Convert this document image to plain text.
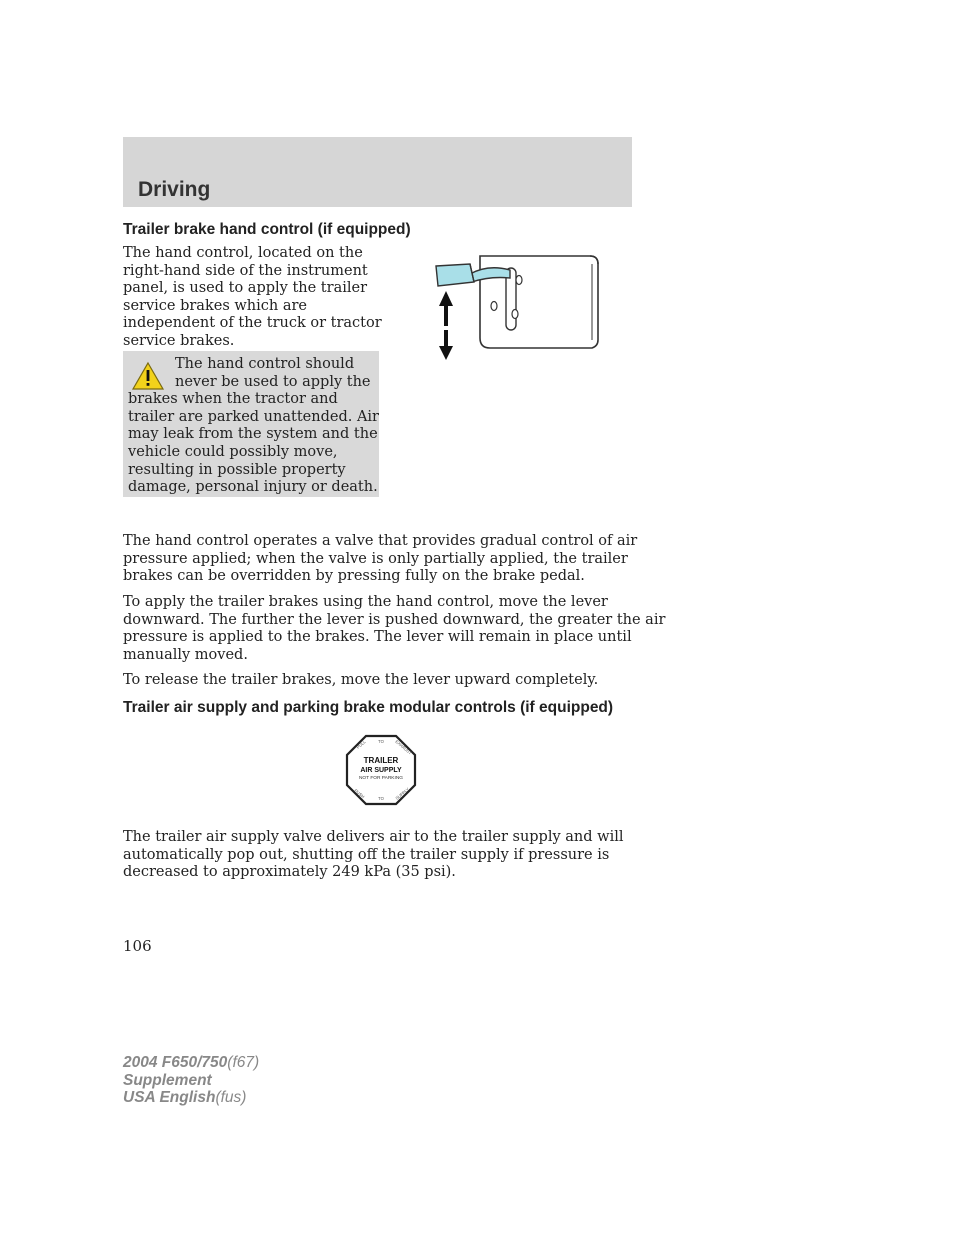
Driving
Trailer brake hand control (if equipped)

The hand control, located on the
right-hand side of the instrument
panel, is used to apply the trailer
service brakes which are
independent of the truck or tractor
service brakes.

The hand control should
never be used to apply the
brakes when the tractor and
trailer are parked unattended. Air
may leak from the system and the
vehicle could possibly move,
resulting in possible property
damage, personal injury or death.

The hand control operates a valve that provides gradual control of air
pressure applied; when the valve is only partially applied, the trailer
brakes can be overridden by pressing fully on the brake pedal.

To apply the trailer brakes using the hand control, move the lever
downward. The further the lever is pushed downward, the greater the air
pressure is applied to the brakes. The lever will remain in place until
manually moved.

To release the trailer brakes, move the lever upward completely.

Trailer air supply and parking brake modular controls (if equipped)
PULL	TO EXHAUST
TRAILER
AIR SUPPLY
NOT FOR PARKING
PUSH	TO	SUPPLY

The trailer air supply valve delivers air to the trailer supply and will
automatically pop out, shutting off the trailer supply if pressure is
decreased to approximately 249 kPa (35 psi).

106

2004 F650/750(f67)
Supplement
USA English(fus)
